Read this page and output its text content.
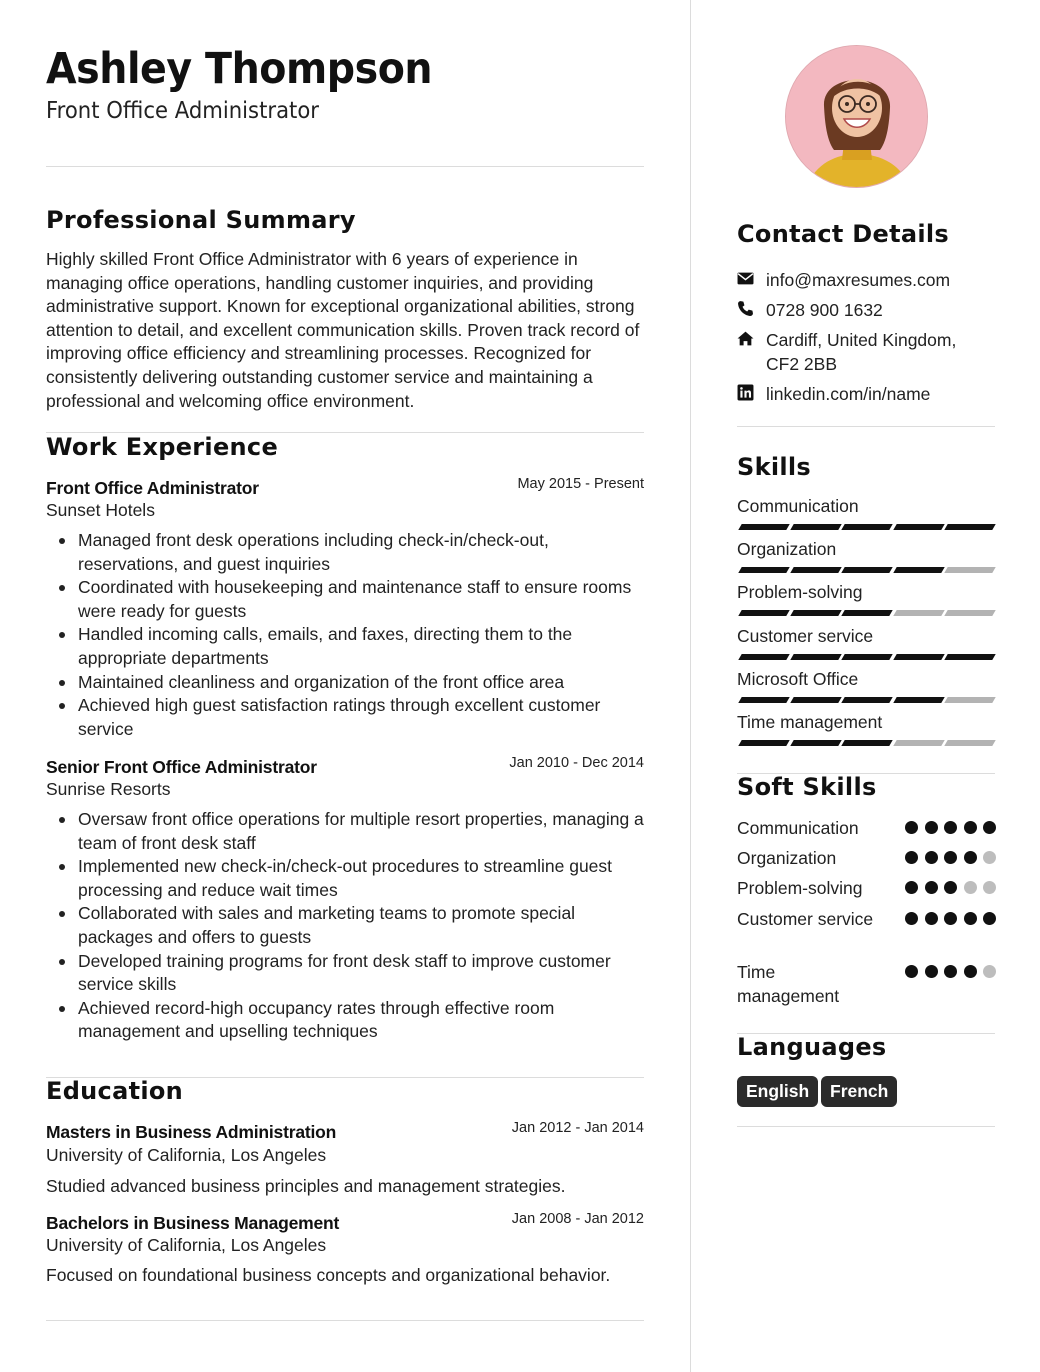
Ashley Thompson
Front Office Administrator
Professional Summary
Highly skilled Front Office Administrator with 6 years of experience in managing office operations, handling customer inquiries, and providing administrative support. Known for exceptional organizational abilities, strong attention to detail, and excellent communication skills. Proven track record of improving office efficiency and streamlining processes. Recognized for consistently delivering outstanding customer service and maintaining a professional and welcoming office environment.
Work Experience
Front Office Administrator	May 2015 - Present
Sunset Hotels
Managed front desk operations including check-in/check-out, reservations, and guest inquiries
Coordinated with housekeeping and maintenance staff to ensure rooms were ready for guests
Handled incoming calls, emails, and faxes, directing them to the appropriate departments
Maintained cleanliness and organization of the front office area
Achieved high guest satisfaction ratings through excellent customer service
Senior Front Office Administrator	Jan 2010 - Dec 2014
Sunrise Resorts
Oversaw front office operations for multiple resort properties, managing a team of front desk staff
Implemented new check-in/check-out procedures to streamline guest processing and reduce wait times
Collaborated with sales and marketing teams to promote special packages and offers to guests
Developed training programs for front desk staff to improve customer service skills
Achieved record-high occupancy rates through effective room management and upselling techniques
Education
Masters in Business Administration	Jan 2012 - Jan 2014
University of California, Los Angeles
Studied advanced business principles and management strategies.
Bachelors in Business Management	Jan 2008 - Jan 2012
University of California, Los Angeles
Focused on foundational business concepts and organizational behavior.
Contact Details
info@maxresumes.com
0728 900 1632
Cardiff, United Kingdom,
CF2 2BB
linkedin.com/in/name
Skills
Communication
Organization
Problem-solving
Customer service
Microsoft Office
Time management
Soft Skills
Communication
Organization
Problem-solving
Customer service
Time management
Languages
English	French
